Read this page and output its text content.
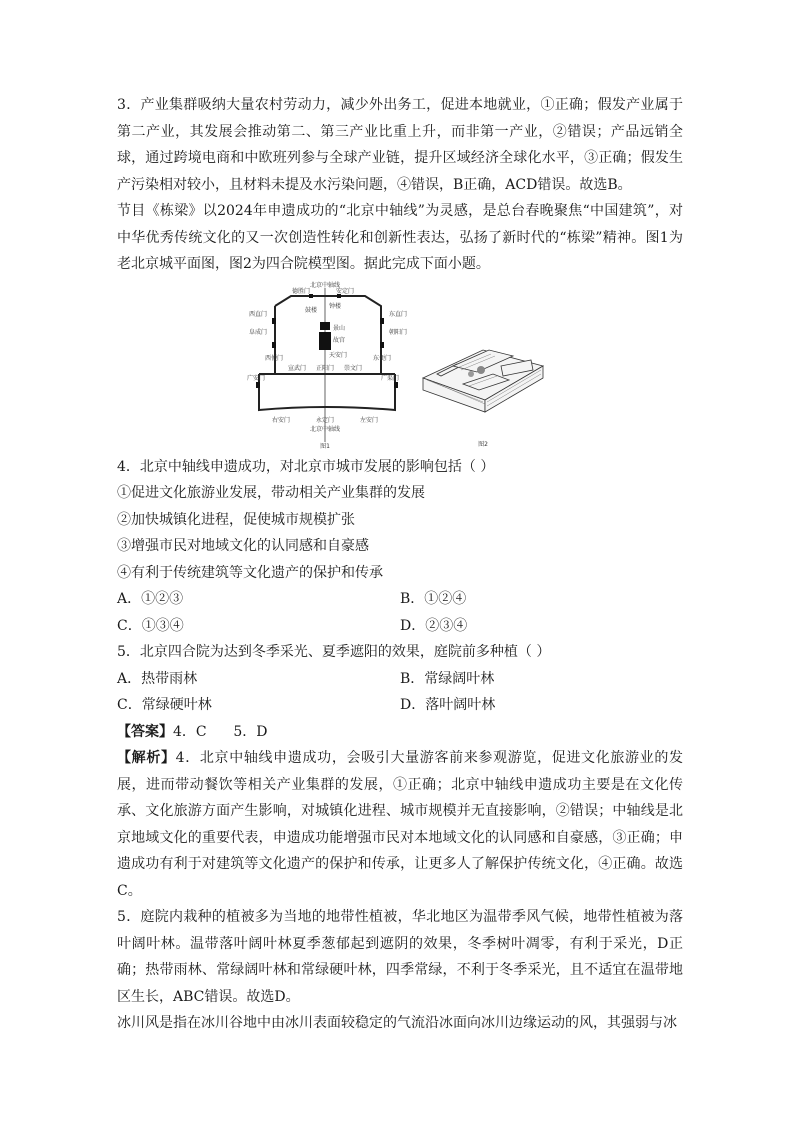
3．产业集群吸纳大量农村劳动力，减少外出务工，促进本地就业，①正确；假发产业属于第二产业，其发展会推动第二、第三产业比重上升，而非第一产业，②错误；产品远销全球，通过跨境电商和中欧班列参与全球产业链，提升区域经济全球化水平，③正确；假发生产污染相对较小，且材料未提及水污染问题，④错误，B正确，ACD错误。故选B。

节目《栋梁》以2024年申遗成功的“北京中轴线”为灵感，是总台春晚聚焦“中国建筑”，对中华优秀传统文化的又一次创造性转化和创新性表达，弘扬了新时代的“栋梁”精神。图1为老北京城平面图，图2为四合院模型图。据此完成下面小题。

北京中轴线
德胜门	安定门
西直门	东直门
鼓楼
钟楼
阜成门	朝阳门
景山
故宫
天安门
西便门	东便门
宣武门 正阳门 崇文门
广安门	广渠门
右安门	永定门	左安门
北京中轴线
图1	图2

4．北京中轴线申遗成功，对北京市城市发展的影响包括（ ）

①促进文化旅游业发展，带动相关产业集群的发展

②加快城镇化进程，促使城市规模扩张

③增强市民对地域文化的认同感和自豪感

④有利于传统建筑等文化遗产的保护和传承

A．①②③	B．①②④
C．①③④	D．②③④

5．北京四合院为达到冬季采光、夏季遮阳的效果，庭院前多种植（ ）

A．热带雨林	B．常绿阔叶林
C．常绿硬叶林	D．落叶阔叶林

【答案】4．C      5．D

【解析】4．北京中轴线申遗成功，会吸引大量游客前来参观游览，促进文化旅游业的发展，进而带动餐饮等相关产业集群的发展，①正确；北京中轴线申遗成功主要是在文化传承、文化旅游方面产生影响，对城镇化进程、城市规模并无直接影响，②错误；中轴线是北京地域文化的重要代表，申遗成功能增强市民对本地域文化的认同感和自豪感，③正确；申遗成功有利于对建筑等文化遗产的保护和传承，让更多人了解保护传统文化，④正确。故选C。

5．庭院内栽种的植被多为当地的地带性植被，华北地区为温带季风气候，地带性植被为落叶阔叶林。温带落叶阔叶林夏季葱郁起到遮阴的效果，冬季树叶凋零，有利于采光，D正确；热带雨林、常绿阔叶林和常绿硬叶林，四季常绿，不利于冬季采光，且不适宜在温带地区生长，ABC错误。故选D。

冰川风是指在冰川谷地中由冰川表面较稳定的气流沿冰面向冰川边缘运动的风，其强弱与冰
